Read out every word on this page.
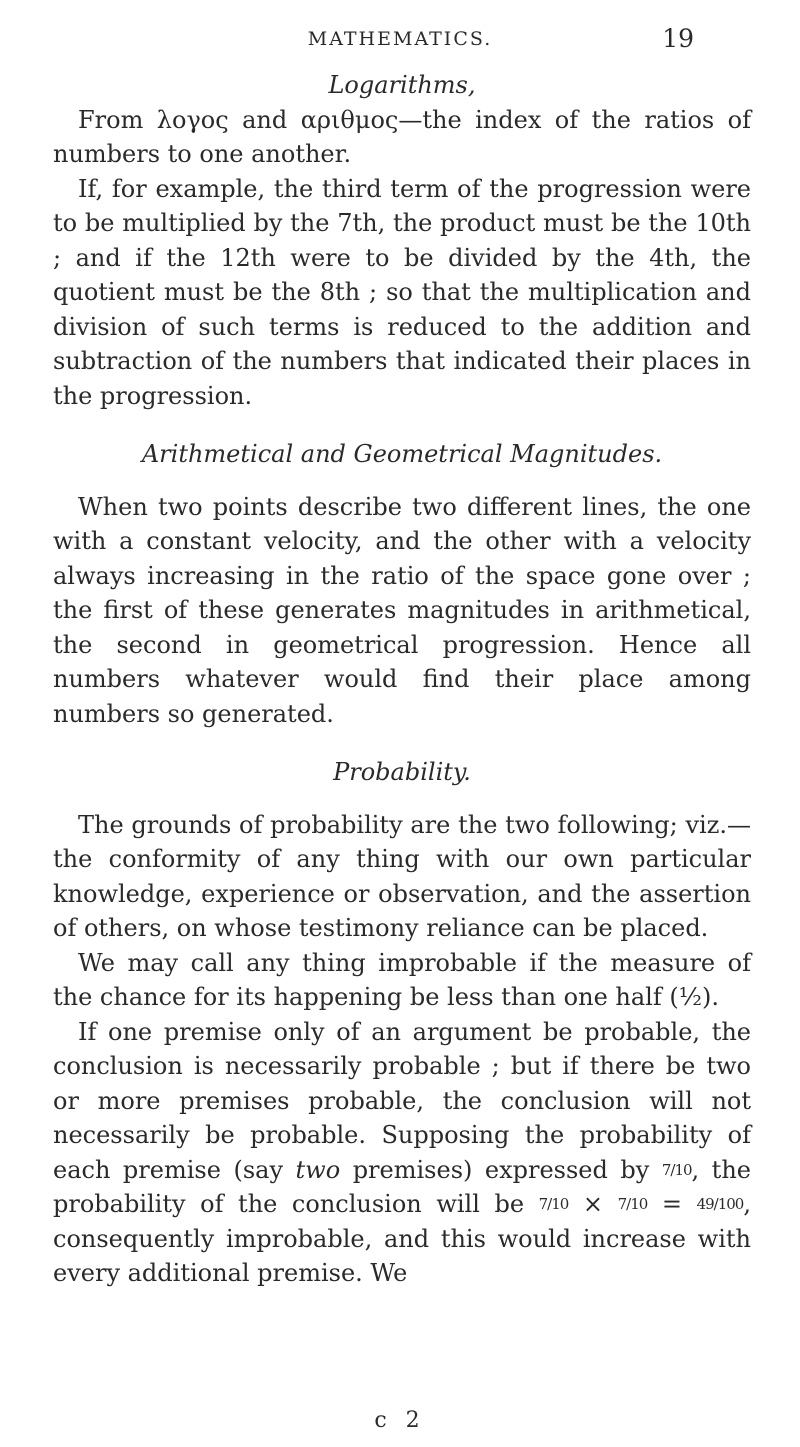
MATHEMATICS.	19
Logarithms,

From λογος and αριθμος—the index of the ratios of numbers to one another.

If, for example, the third term of the progression were to be multiplied by the 7th, the product must be the 10th ; and if the 12th were to be divided by the 4th, the quotient must be the 8th ; so that the multiplication and division of such terms is reduced to the addition and subtraction of the numbers that indicated their places in the progression.

Arithmetical and Geometrical Magnitudes.

When two points describe two different lines, the one with a constant velocity, and the other with a velocity always increasing in the ratio of the space gone over ; the first of these generates magnitudes in arithmetical, the second in geometrical progression. Hence all numbers whatever would find their place among numbers so generated.

Probability.

The grounds of probability are the two following; viz.—the conformity of any thing with our own particular knowledge, experience or observation, and the assertion of others, on whose testimony reliance can be placed.

We may call any thing improbable if the measure of the chance for its happening be less than one half (½).

If one premise only of an argument be probable, the conclusion is necessarily probable ; but if there be two or more premises probable, the conclusion will not necessarily be probable. Supposing the probability of each premise (say two premises) expressed by 7/10, the probability of the conclusion will be 7/10 × 7/10 = 49/100, consequently improbable, and this would increase with every additional premise. We

c 2
